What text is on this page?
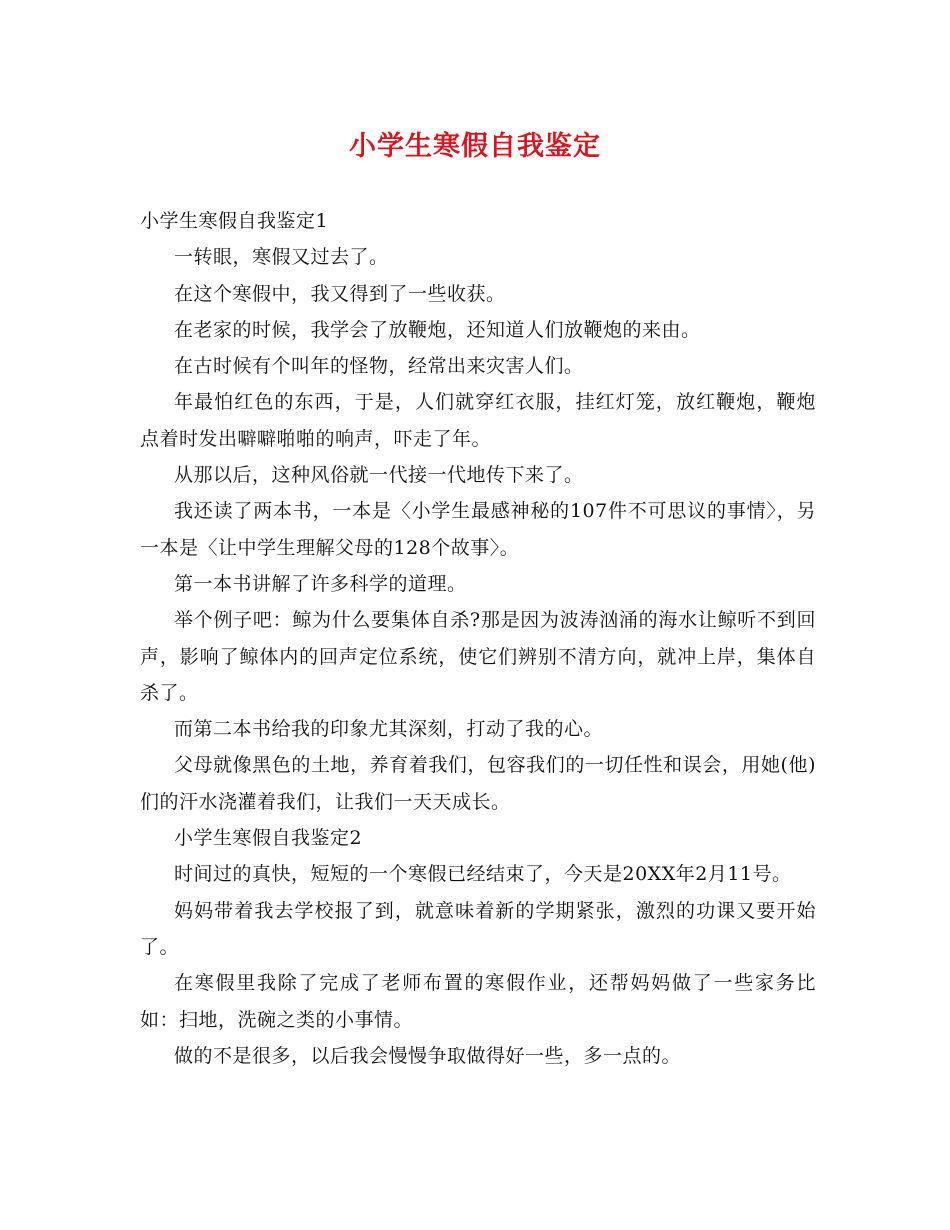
小学生寒假自我鉴定

小学生寒假自我鉴定1

一转眼，寒假又过去了。

在这个寒假中，我又得到了一些收获。

在老家的时候，我学会了放鞭炮，还知道人们放鞭炮的来由。

在古时候有个叫年的怪物，经常出来灾害人们。

年最怕红色的东西，于是，人们就穿红衣服，挂红灯笼，放红鞭炮，鞭炮点着时发出噼噼啪啪的响声，吓走了年。

从那以后，这种风俗就一代接一代地传下来了。

我还读了两本书，一本是〈小学生最感神秘的107件不可思议的事情〉，另一本是〈让中学生理解父母的128个故事〉。

第一本书讲解了许多科学的道理。

举个例子吧：鲸为什么要集体自杀?那是因为波涛汹涌的海水让鲸听不到回声，影响了鲸体内的回声定位系统，使它们辨别不清方向，就冲上岸，集体自杀了。

而第二本书给我的印象尤其深刻，打动了我的心。

父母就像黑色的土地，养育着我们，包容我们的一切任性和误会，用她(他)们的汗水浇灌着我们，让我们一天天成长。

小学生寒假自我鉴定2

时间过的真快，短短的一个寒假已经结束了，今天是20XX年2月11号。

妈妈带着我去学校报了到，就意味着新的学期紧张，激烈的功课又要开始了。

在寒假里我除了完成了老师布置的寒假作业，还帮妈妈做了一些家务比如：扫地，洗碗之类的小事情。

做的不是很多，以后我会慢慢争取做得好一些，多一点的。
